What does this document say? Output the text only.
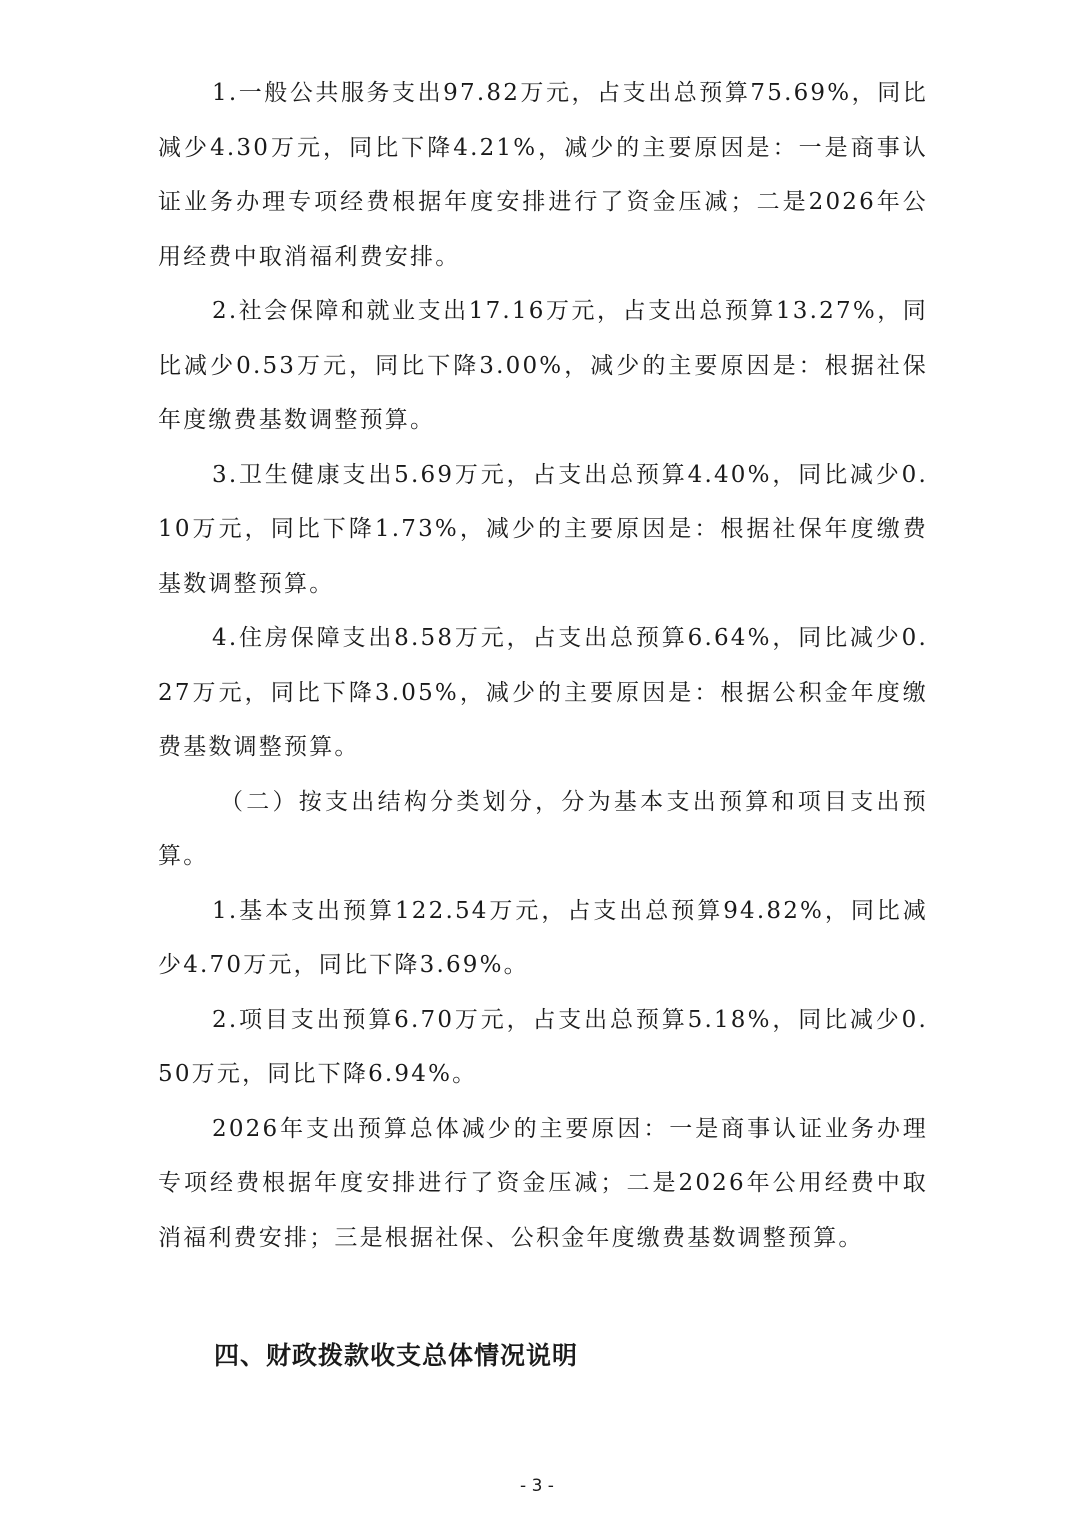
1.一般公共服务支出97.82万元，占支出总预算75.69%，同比减少4.30万元，同比下降4.21%，减少的主要原因是：一是商事认证业务办理专项经费根据年度安排进行了资金压减；二是2026年公用经费中取消福利费安排。

2.社会保障和就业支出17.16万元，占支出总预算13.27%，同比减少0.53万元，同比下降3.00%，减少的主要原因是：根据社保年度缴费基数调整预算。

3.卫生健康支出5.69万元，占支出总预算4.40%，同比减少0.10万元，同比下降1.73%，减少的主要原因是：根据社保年度缴费基数调整预算。

4.住房保障支出8.58万元，占支出总预算6.64%，同比减少0.27万元，同比下降3.05%，减少的主要原因是：根据公积金年度缴费基数调整预算。

（二）按支出结构分类划分，分为基本支出预算和项目支出预算。

1.基本支出预算122.54万元，占支出总预算94.82%，同比减少4.70万元，同比下降3.69%。

2.项目支出预算6.70万元，占支出总预算5.18%，同比减少0.50万元，同比下降6.94%。

2026年支出预算总体减少的主要原因：一是商事认证业务办理专项经费根据年度安排进行了资金压减；二是2026年公用经费中取消福利费安排；三是根据社保、公积金年度缴费基数调整预算。

四、财政拨款收支总体情况说明
- 3 -
